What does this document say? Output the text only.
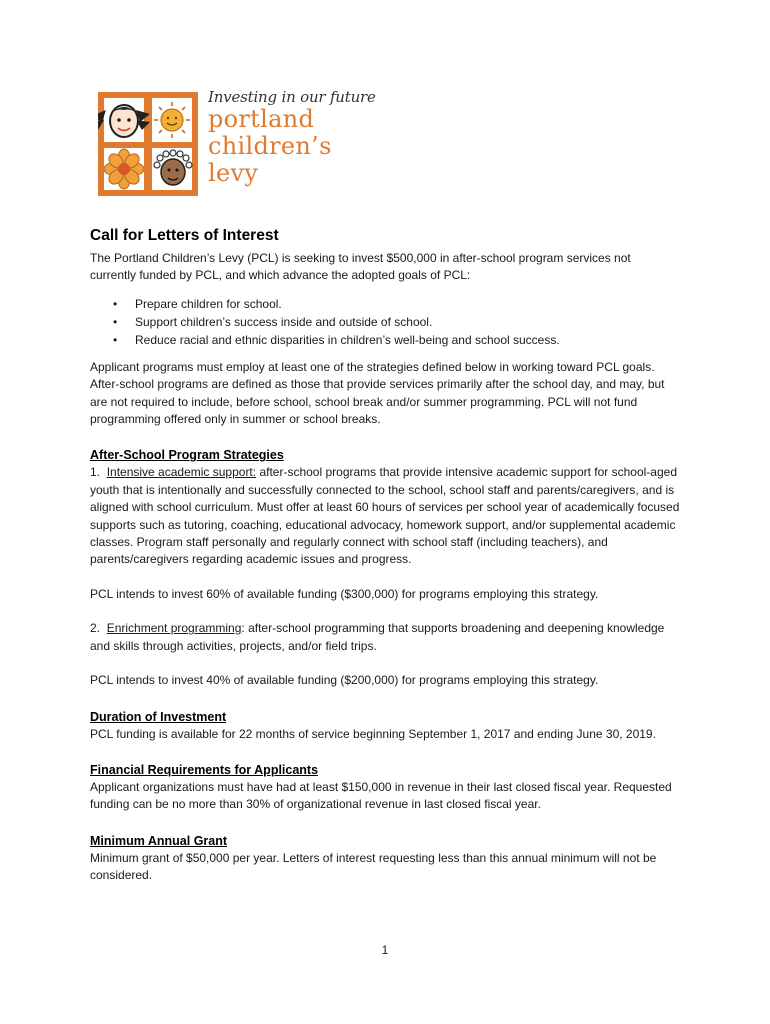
Investing in our future
portland
children’s
levy
Call for Letters of Interest

The Portland Children’s Levy (PCL) is seeking to invest $500,000 in after-school program services not currently funded by PCL, and which advance the adopted goals of PCL:

• Prepare children for school.
• Support children’s success inside and outside of school.
• Reduce racial and ethnic disparities in children’s well-being and school success.

Applicant programs must employ at least one of the strategies defined below in working toward PCL goals. After-school programs are defined as those that provide services primarily after the school day, and may, but are not required to include, before school, school break and/or summer programming. PCL will not fund programming offered only in summer or school breaks.

After-School Program Strategies

1. Intensive academic support: after-school programs that provide intensive academic support for school-aged youth that is intentionally and successfully connected to the school, school staff and parents/caregivers, and is aligned with school curriculum. Must offer at least 60 hours of services per school year of academically focused supports such as tutoring, coaching, educational advocacy, homework support, and/or supplemental academic classes. Program staff personally and regularly connect with school staff (including teachers), and parents/caregivers regarding academic issues and progress.

PCL intends to invest 60% of available funding ($300,000) for programs employing this strategy.

2. Enrichment programming: after-school programming that supports broadening and deepening knowledge and skills through activities, projects, and/or field trips.

PCL intends to invest 40% of available funding ($200,000) for programs employing this strategy.

Duration of Investment

PCL funding is available for 22 months of service beginning September 1, 2017 and ending June 30, 2019.

Financial Requirements for Applicants

Applicant organizations must have had at least $150,000 in revenue in their last closed fiscal year. Requested funding can be no more than 30% of organizational revenue in last closed fiscal year.

Minimum Annual Grant

Minimum grant of $50,000 per year. Letters of interest requesting less than this annual minimum will not be considered.

1
